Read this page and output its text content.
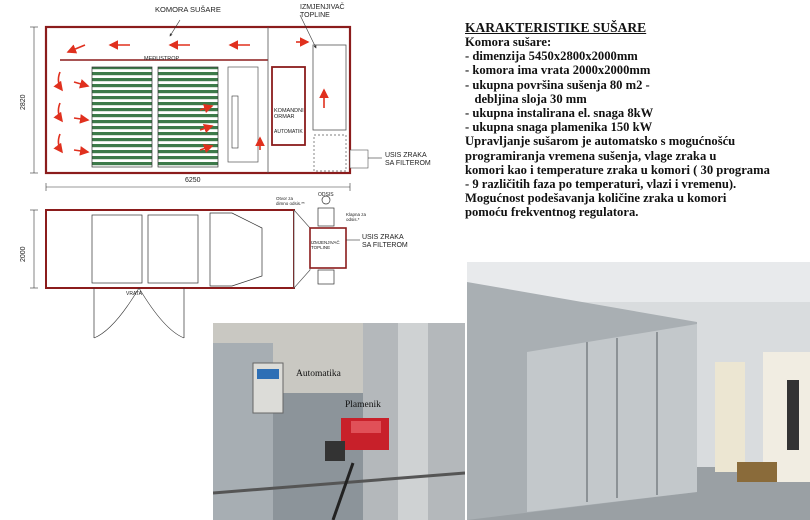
KOMORA SUŠARE	IZMJENJIVAČ TOPLINE
MEĐUSTROP
KOMANDNI ORMAR
AUTOMATIK
2820
6250
2000
USIS ZRAKA SA FILTEROM
USIS ZRAKA SA FILTEROM
ODSIS
Otvor za dimno odsis.**
Klapna za odsis.*
IZMJENJIVAČ TOPLINE
VRATA
KARAKTERISTIKE SUŠARE
Komora sušare:
- dimenzija 5450x2800x2000mm
- komora ima vrata 2000x2000mm
- ukupna površina sušenja 80 m2 -
debljina sloja 30 mm
- ukupna instalirana el. snaga 8kW
- ukupna snaga plamenika 150 kW
Upravljanje sušarom je automatsko s mogućnošću
programiranja vremena sušenja, vlage zraka u
komori kao i temperature zraka u komori ( 30 programa
- 9 različitih faza po temperaturi, vlazi i vremenu).
Mogućnost podešavanja količine zraka u komori
pomoću frekventnog regulatora.
Automatika
Plamenik
